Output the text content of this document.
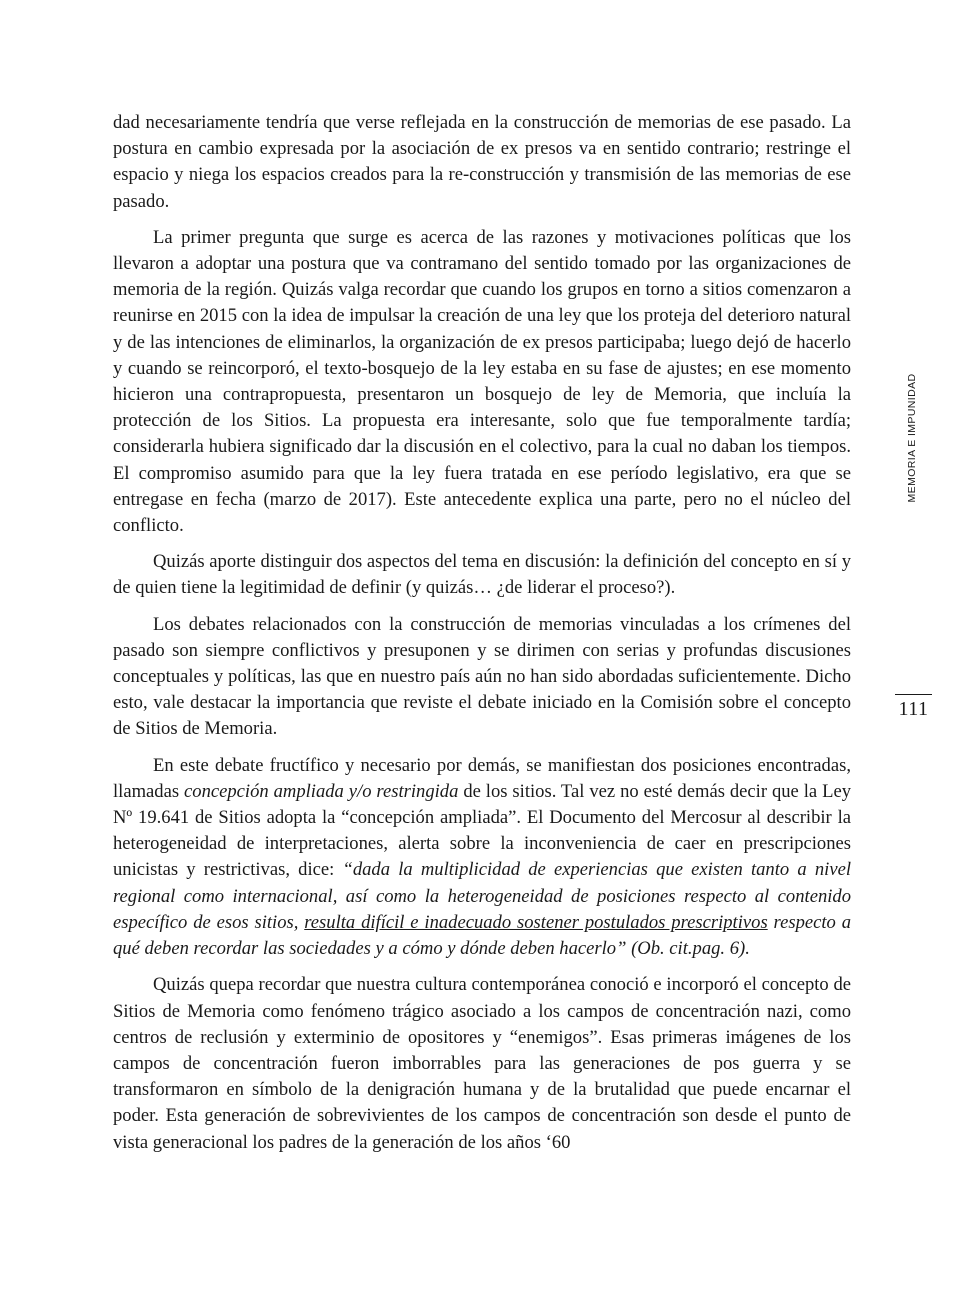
dad necesariamente tendría que verse reflejada en la construcción de memorias de ese pasado. La postura en cambio expresada por la asociación de ex presos va en sentido contrario; restringe el espacio y niega los espacios creados para la re-construcción y transmisión de las memorias de ese pasado.

La primer pregunta que surge es acerca de las razones y motivaciones políticas que los llevaron a adoptar una postura que va contramano del sentido tomado por las organizaciones de memoria de la región. Quizás valga recordar que cuando los grupos en torno a sitios comenzaron a reunirse en 2015 con la idea de impulsar la creación de una ley que los proteja del deterioro natural y de las intenciones de eliminarlos, la organización de ex presos participaba; luego dejó de hacerlo y cuando se reincorporó, el texto-bosquejo de la ley estaba en su fase de ajustes; en ese momento hicieron una contrapropuesta, presentaron un bosquejo de ley de Memoria, que incluía la protección de los Sitios. La propuesta era interesante, solo que fue temporalmente tardía; considerarla hubiera significado dar la discusión en el colectivo, para la cual no daban los tiempos. El compromiso asumido para que la ley fuera tratada en ese período legislativo, era que se entregase en fecha (marzo de 2017). Este antecedente explica una parte, pero no el núcleo del conflicto.

Quizás aporte distinguir dos aspectos del tema en discusión: la definición del concepto en sí y de quien tiene la legitimidad de definir (y quizás… ¿de liderar el proceso?).

Los debates relacionados con la construcción de memorias vinculadas a los crímenes del pasado son siempre conflictivos y presuponen y se dirimen con serias y profundas discusiones conceptuales y políticas, las que en nuestro país aún no han sido abordadas suficientemente. Dicho esto, vale destacar la importancia que reviste el debate iniciado en la Comisión sobre el concepto de Sitios de Memoria.

En este debate fructífico y necesario por demás, se manifiestan dos posiciones encontradas, llamadas concepción ampliada y/o restringida de los sitios. Tal vez no esté demás decir que la Ley Nº 19.641 de Sitios adopta la “concepción ampliada”. El Documento del Mercosur al describir la heterogeneidad de interpretaciones, alerta sobre la inconveniencia de caer en prescripciones unicistas y restrictivas, dice: “dada la multiplicidad de experiencias que existen tanto a nivel regional como internacional, así como la heterogeneidad de posiciones respecto al contenido específico de esos sitios, resulta difícil e inadecuado sostener postulados prescriptivos respecto a qué deben recordar las sociedades y a cómo y dónde deben hacerlo” (Ob. cit.pag. 6).

Quizás quepa recordar que nuestra cultura contemporánea conoció e incorporó el concepto de Sitios de Memoria como fenómeno trágico asociado a los campos de concentración nazi, como centros de reclusión y exterminio de opositores y “enemigos”. Esas primeras imágenes de los campos de concentración fueron imborrables para las generaciones de pos guerra y se transformaron en símbolo de la denigración humana y de la brutalidad que puede encarnar el poder. Esta generación de sobrevivientes de los campos de concentración son desde el punto de vista generacional los padres de la generación de los años ‘60

MEMORIA E IMPUNIDAD
111
